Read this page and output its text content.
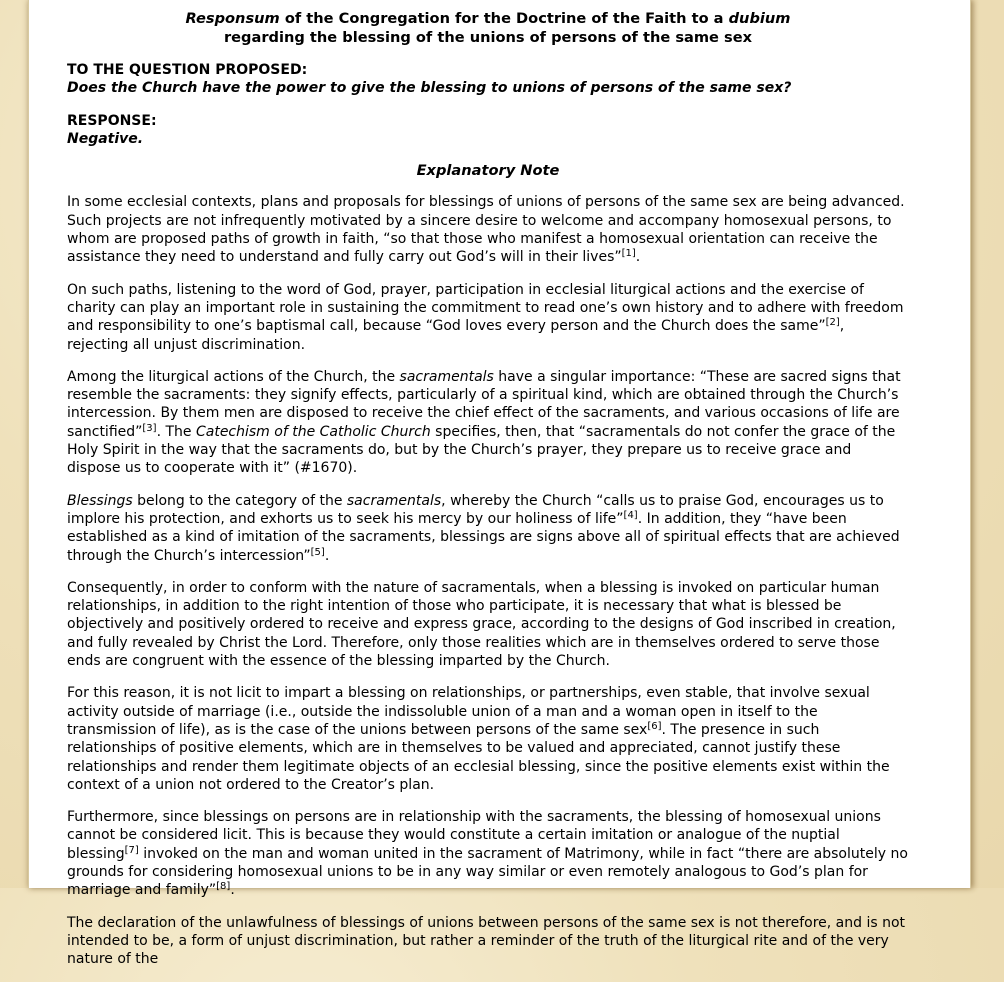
Responsum of the Congregation for the Doctrine of the Faith to a dubium
regarding the blessing of the unions of persons of the same sex
TO THE QUESTION PROPOSED:
Does the Church have the power to give the blessing to unions of persons of the same sex?
RESPONSE:
Negative.
Explanatory Note

In some ecclesial contexts, plans and proposals for blessings of unions of persons of the same sex are being advanced. Such projects are not infrequently motivated by a sincere desire to welcome and accompany homosexual persons, to whom are proposed paths of growth in faith, “so that those who manifest a homosexual orientation can receive the assistance they need to understand and fully carry out God’s will in their lives”[1].

On such paths, listening to the word of God, prayer, participation in ecclesial liturgical actions and the exercise of charity can play an important role in sustaining the commitment to read one’s own history and to adhere with freedom and responsibility to one’s baptismal call, because “God loves every person and the Church does the same”[2], rejecting all unjust discrimination.

Among the liturgical actions of the Church, the sacramentals have a singular importance: “These are sacred signs that resemble the sacraments: they signify effects, particularly of a spiritual kind, which are obtained through the Church’s intercession. By them men are disposed to receive the chief effect of the sacraments, and various occasions of life are sanctified”[3]. The Catechism of the Catholic Church specifies, then, that “sacramentals do not confer the grace of the Holy Spirit in the way that the sacraments do, but by the Church’s prayer, they prepare us to receive grace and dispose us to cooperate with it” (#1670).

Blessings belong to the category of the sacramentals, whereby the Church “calls us to praise God, encourages us to implore his protection, and exhorts us to seek his mercy by our holiness of life”[4]. In addition, they “have been established as a kind of imitation of the sacraments, blessings are signs above all of spiritual effects that are achieved through the Church’s intercession”[5].

Consequently, in order to conform with the nature of sacramentals, when a blessing is invoked on particular human relationships, in addition to the right intention of those who participate, it is necessary that what is blessed be objectively and positively ordered to receive and express grace, according to the designs of God inscribed in creation, and fully revealed by Christ the Lord. Therefore, only those realities which are in themselves ordered to serve those ends are congruent with the essence of the blessing imparted by the Church.

For this reason, it is not licit to impart a blessing on relationships, or partnerships, even stable, that involve sexual activity outside of marriage (i.e., outside the indissoluble union of a man and a woman open in itself to the transmission of life), as is the case of the unions between persons of the same sex[6]. The presence in such relationships of positive elements, which are in themselves to be valued and appreciated, cannot justify these relationships and render them legitimate objects of an ecclesial blessing, since the positive elements exist within the context of a union not ordered to the Creator’s plan.

Furthermore, since blessings on persons are in relationship with the sacraments, the blessing of homosexual unions cannot be considered licit. This is because they would constitute a certain imitation or analogue of the nuptial blessing[7] invoked on the man and woman united in the sacrament of Matrimony, while in fact “there are absolutely no grounds for considering homosexual unions to be in any way similar or even remotely analogous to God’s plan for marriage and family”[8].

The declaration of the unlawfulness of blessings of unions between persons of the same sex is not therefore, and is not intended to be, a form of unjust discrimination, but rather a reminder of the truth of the liturgical rite and of the very nature of the
